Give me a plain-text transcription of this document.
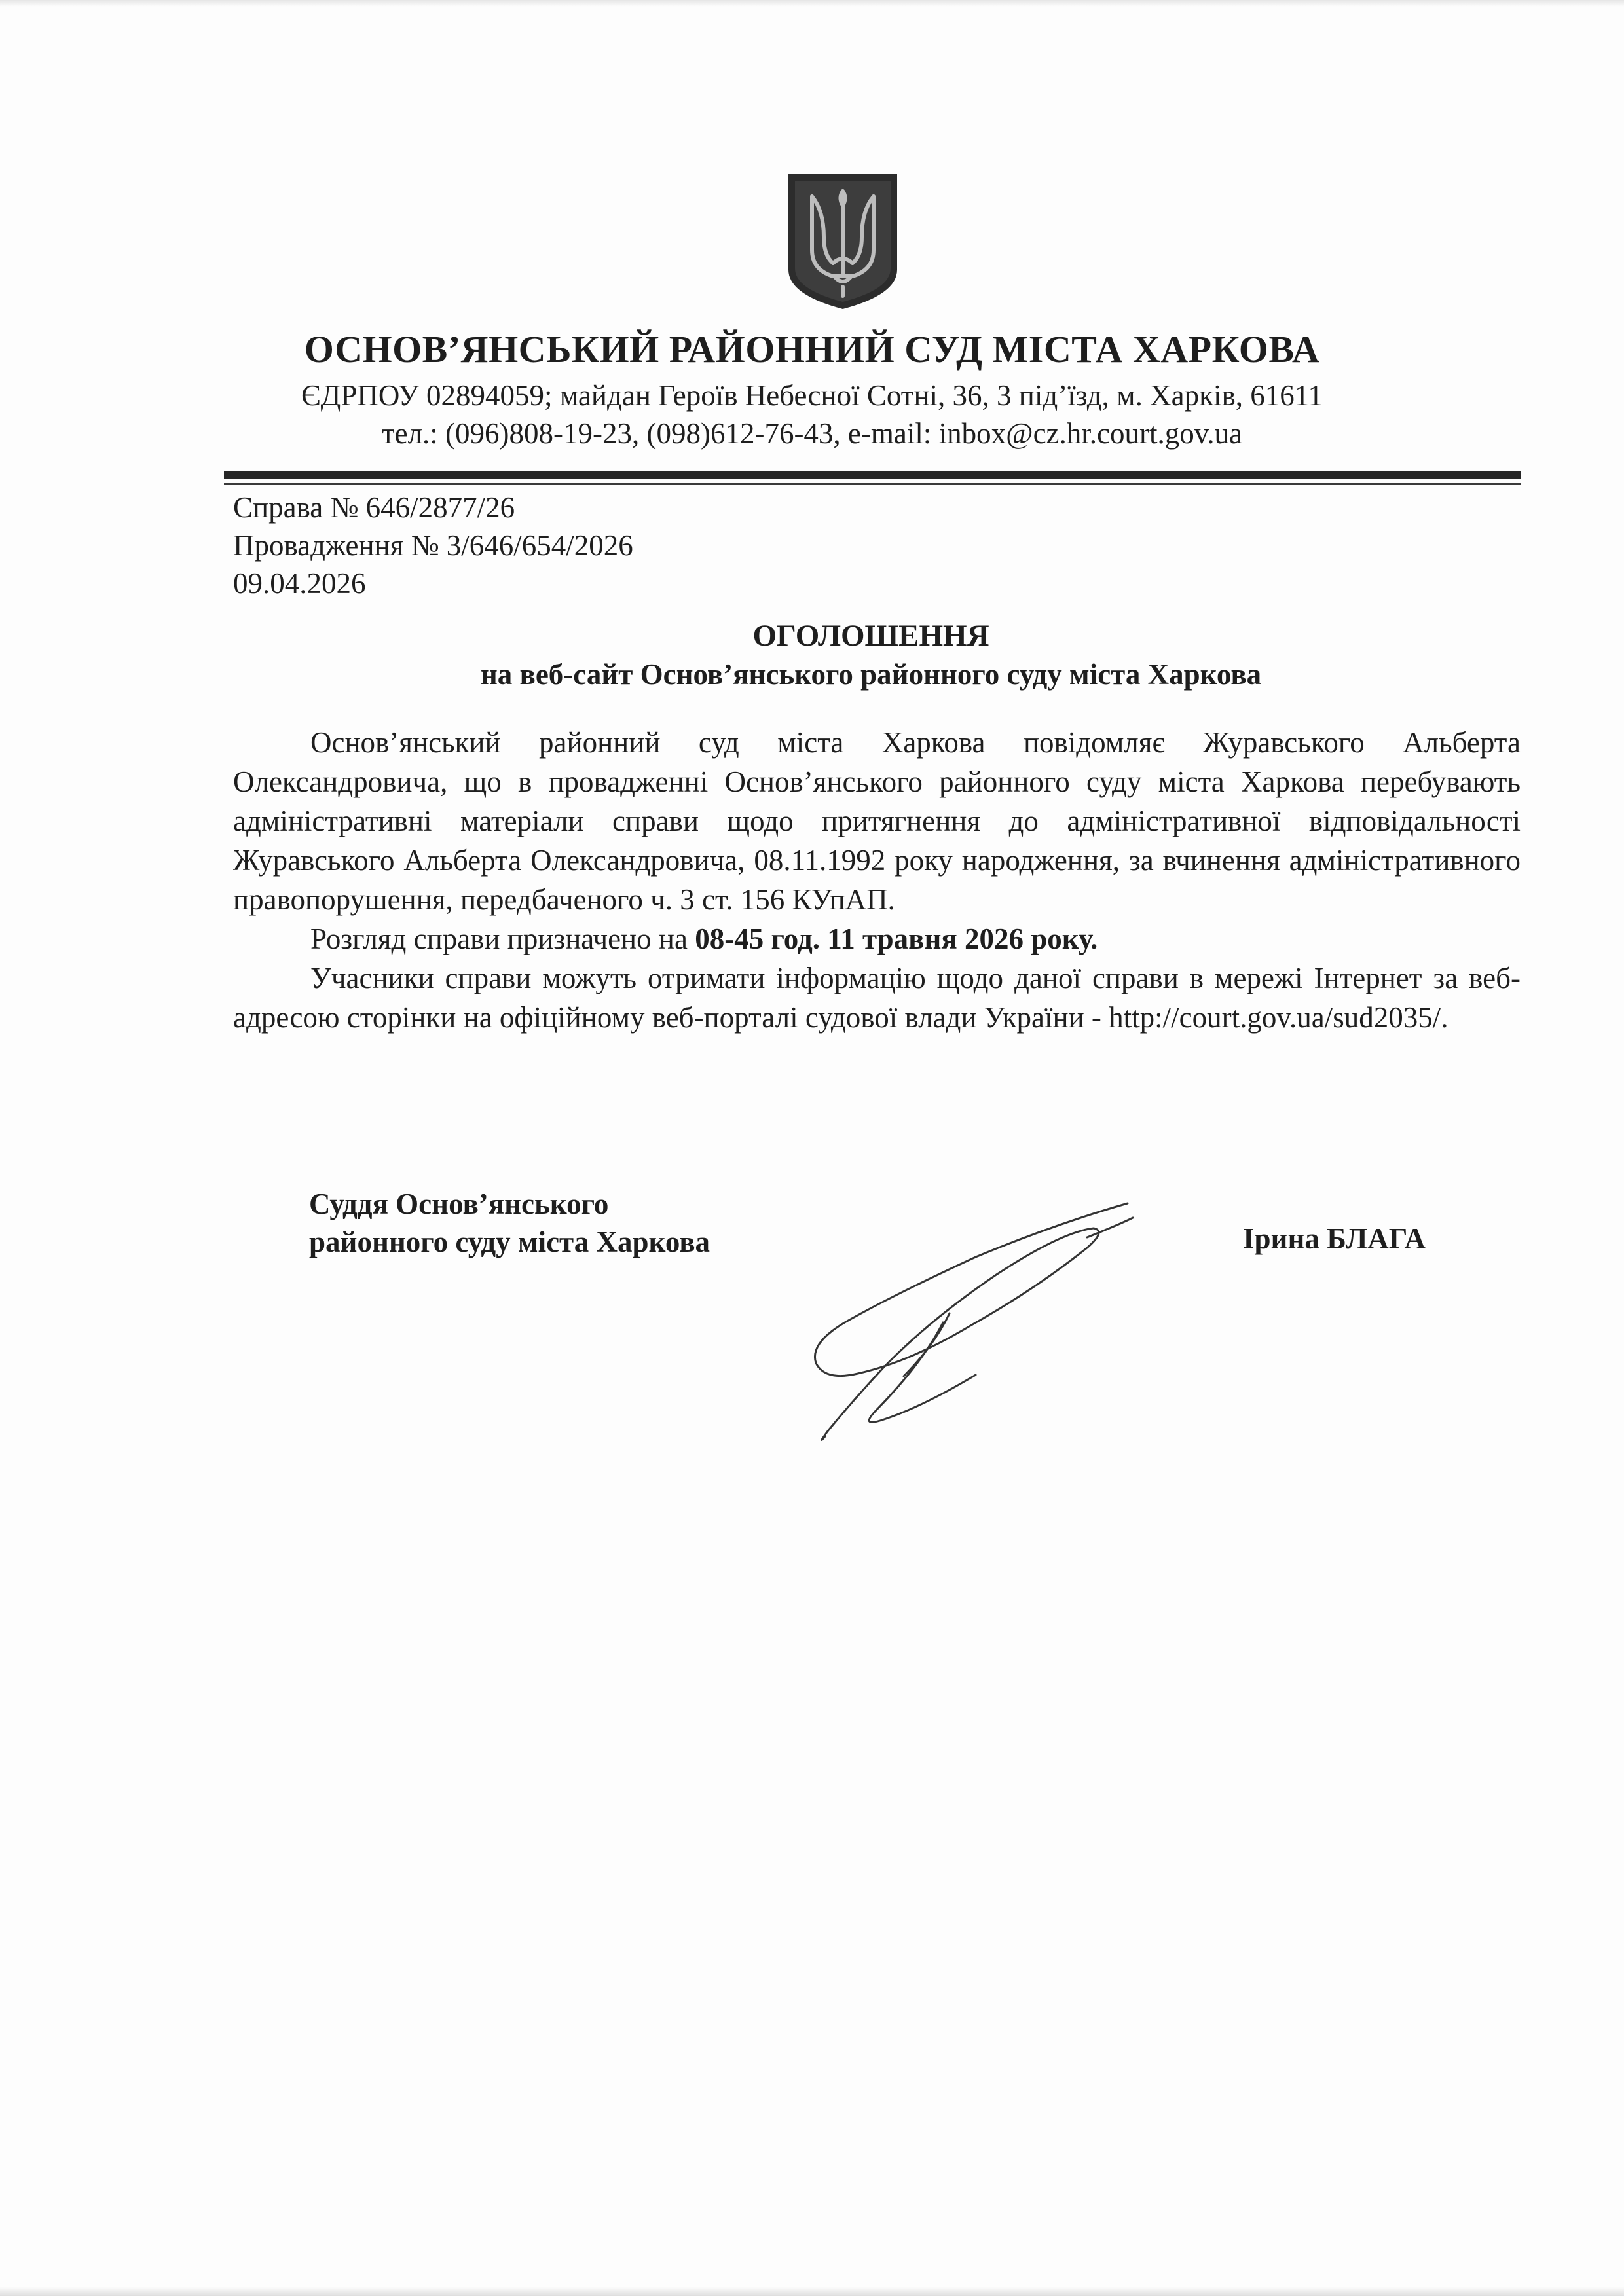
ОСНОВ’ЯНСЬКИЙ РАЙОННИЙ СУД МІСТА ХАРКОВА
ЄДРПОУ 02894059; майдан Героїв Небесної Сотні, 36, 3 під’їзд, м. Харків, 61611
тел.: (096)808-19-23, (098)612-76-43, e-mail: inbox@cz.hr.court.gov.ua
Справа № 646/2877/26
Провадження № 3/646/654/2026
09.04.2026
ОГОЛОШЕННЯ
на веб-сайт Основ’янського районного суду міста Харкова

Основ’янський районний суд міста Харкова повідомляє Журавського Альберта Олександровича, що в провадженні Основ’янського районного суду міста Харкова перебувають адміністративні матеріали справи щодо притягнення до адміністративної відповідальності Журавського Альберта Олександровича, 08.11.1992 року народження, за вчинення адміністративного правопорушення, передбаченого ч. 3 ст. 156 КУпАП.

Розгляд справи призначено на 08-45 год. 11 травня 2026 року.

Учасники справи можуть отримати інформацію щодо даної справи в мережі Інтернет за веб-адресою сторінки на офіційному веб-порталі судової влади України - http://court.gov.ua/sud2035/.

Суддя Основ’янського
районного суду міста Харкова	Ірина БЛАГА
